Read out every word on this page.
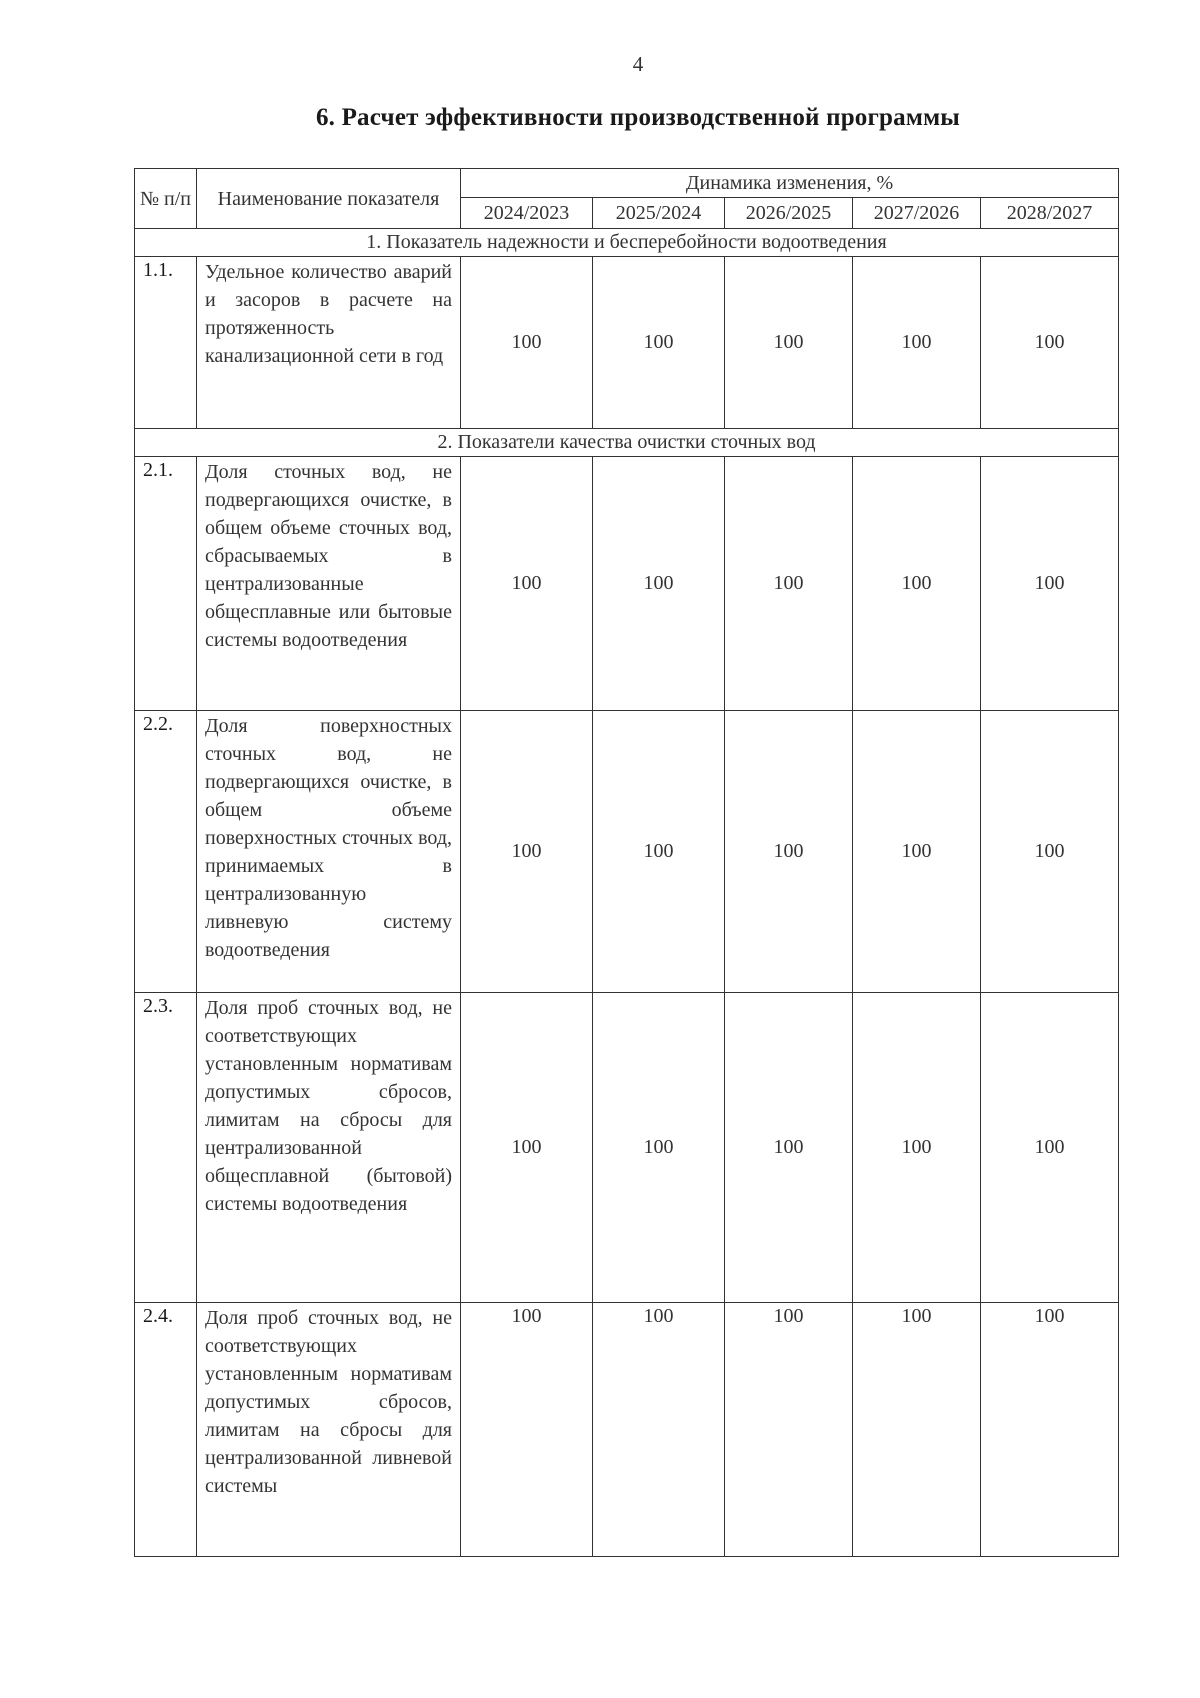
4
6. Расчет эффективности производственной программы
№ п/п	Наименование показателя	Динамика изменения, %				
		2024/2023	2025/2024	2026/2025	2027/2026	2028/2027
1. Показатель надежности и бесперебойности водоотведения						
1.1.	Удельное количество аварий и засоров в расчете на протяженность канализационной сети в год	100	100	100	100	100
2. Показатели качества очистки сточных вод						
2.1.	Доля сточных вод, не подвергающихся очистке, в общем объеме сточных вод, сбрасываемых в централизованные общесплавные или бытовые системы водоотведения	100	100	100	100	100
2.2.	Доля поверхностных сточных вод, не подвергающихся очистке, в общем объеме поверхностных сточных вод, принимаемых в централизованную ливневую систему водоотведения	100	100	100	100	100
2.3.	Доля проб сточных вод, не соответствующих установленным нормативам допустимых сбросов, лимитам на сбросы для централизованной общесплавной (бытовой) системы водоотведения	100	100	100	100	100
2.4.	Доля проб сточных вод, не соответствующих установленным нормативам допустимых сбросов, лимитам на сбросы для централизованной ливневой системы	100	100	100	100	100
